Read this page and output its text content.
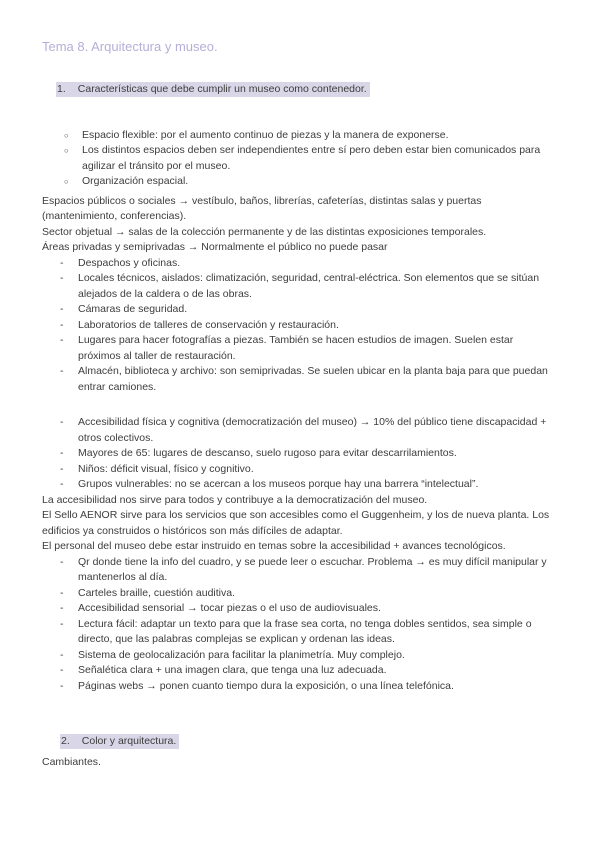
Tema 8. Arquitectura y museo.
1. Características que debe cumplir un museo como contenedor.
○	Espacio flexible: por el aumento continuo de piezas y la manera de exponerse.
○	Los distintos espacios deben ser independientes entre sí pero deben estar bien comunicados para agilizar el tránsito por el museo.
○	Organización espacial.

Espacios públicos o sociales → vestíbulo, baños, librerías, cafeterías, distintas salas y puertas (mantenimiento, conferencias).

Sector objetual → salas de la colección permanente y de las distintas exposiciones temporales.

Áreas privadas y semiprivadas → Normalmente el público no puede pasar

-	Despachos y oficinas.
-	Locales técnicos, aislados: climatización, seguridad, central-eléctrica. Son elementos que se sitúan alejados de la caldera o de las obras.
-	Cámaras de seguridad.
-	Laboratorios de talleres de conservación y restauración.
-	Lugares para hacer fotografías a piezas. También se hacen estudios de imagen. Suelen estar próximos al taller de restauración.
-	Almacén, biblioteca y archivo: son semiprivadas. Se suelen ubicar en la planta baja para que puedan entrar camiones.
-	Accesibilidad física y cognitiva (democratización del museo) → 10% del público tiene discapacidad + otros colectivos.
-	Mayores de 65: lugares de descanso, suelo rugoso para evitar descarrilamientos.
-	Niños: déficit visual, físico y cognitivo.
-	Grupos vulnerables: no se acercan a los museos porque hay una barrera “intelectual”.

La accesibilidad nos sirve para todos y contribuye a la democratización del museo.

El Sello AENOR sirve para los servicios que son accesibles como el Guggenheim, y los de nueva planta. Los edificios ya construidos o históricos son más difíciles de adaptar.

El personal del museo debe estar instruido en temas sobre la accesibilidad + avances tecnológicos.

-	Qr donde tiene la info del cuadro, y se puede leer o escuchar. Problema → es muy difícil manipular y mantenerlos al día.
-	Carteles braille, cuestión auditiva.
-	Accesibilidad sensorial → tocar piezas o el uso de audiovisuales.
-	Lectura fácil: adaptar un texto para que la frase sea corta, no tenga dobles sentidos, sea simple o directo, que las palabras complejas se explican y ordenan las ideas.
-	Sistema de geolocalización para facilitar la planimetría. Muy complejo.
-	Señalética clara + una imagen clara, que tenga una luz adecuada.
-	Páginas webs → ponen cuanto tiempo dura la exposición, o una línea telefónica.
2. Color y arquitectura.

Cambiantes.
